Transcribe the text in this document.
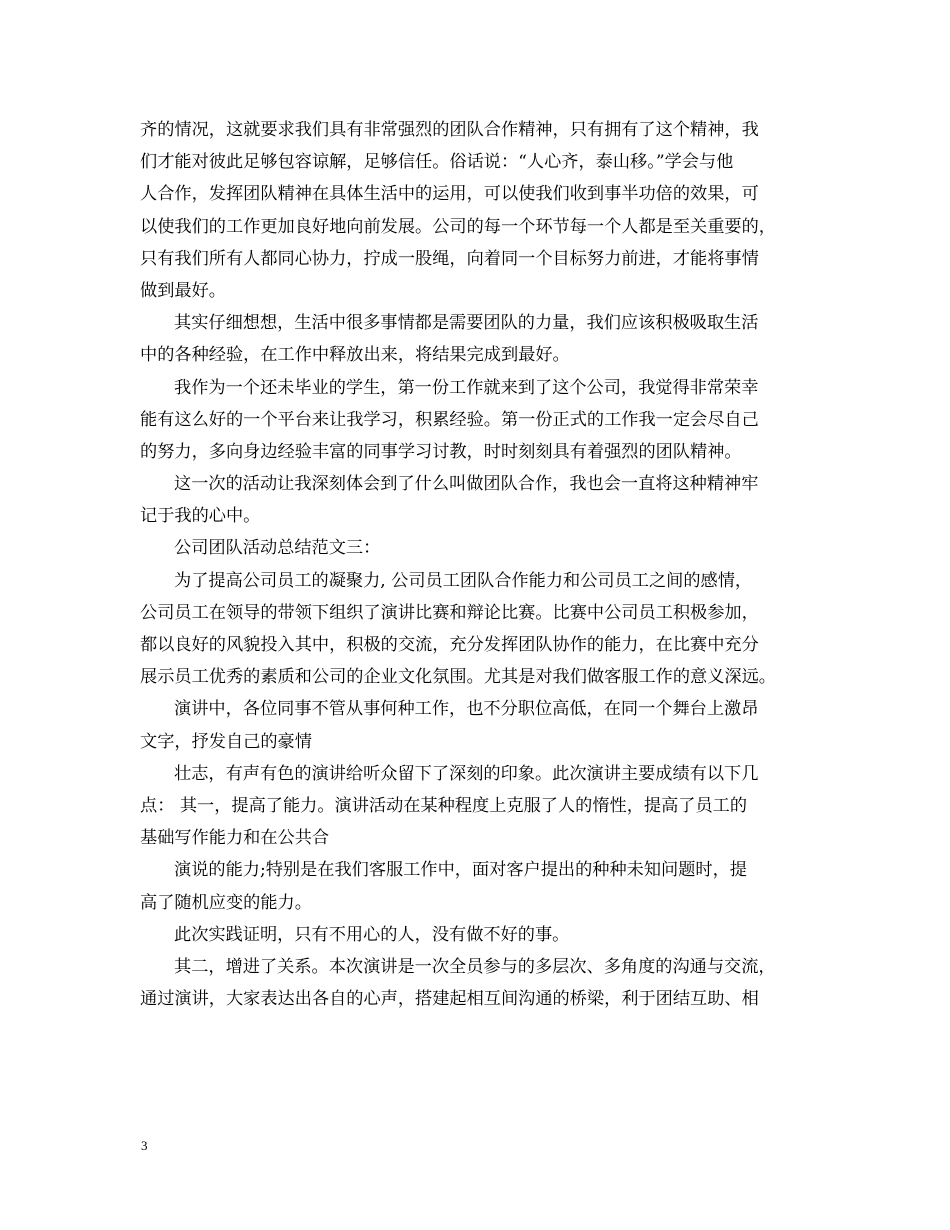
齐的情况，这就要求我们具有非常强烈的团队合作精神，只有拥有了这个精神，我
们才能对彼此足够包容谅解，足够信任。俗话说：“人心齐，泰山移。”学会与他
人合作，发挥团队精神在具体生活中的运用，可以使我们收到事半功倍的效果，可
以使我们的工作更加良好地向前发展。公司的每一个环节每一个人都是至关重要的，
只有我们所有人都同心协力，拧成一股绳，向着同一个目标努力前进，才能将事情
做到最好。
其实仔细想想，生活中很多事情都是需要团队的力量，我们应该积极吸取生活
中的各种经验，在工作中释放出来，将结果完成到最好。
我作为一个还未毕业的学生，第一份工作就来到了这个公司，我觉得非常荣幸
能有这么好的一个平台来让我学习，积累经验。第一份正式的工作我一定会尽自己
的努力，多向身边经验丰富的同事学习讨教，时时刻刻具有着强烈的团队精神。
这一次的活动让我深刻体会到了什么叫做团队合作，我也会一直将这种精神牢
记于我的心中。
公司团队活动总结范文三：
为了提高公司员工的凝聚力, 公司员工团队合作能力和公司员工之间的感情，
公司员工在领导的带领下组织了演讲比赛和辩论比赛。比赛中公司员工积极参加，
都以良好的风貌投入其中，积极的交流，充分发挥团队协作的能力，在比赛中充分
展示员工优秀的素质和公司的企业文化氛围。尤其是对我们做客服工作的意义深远。
演讲中，各位同事不管从事何种工作，也不分职位高低，在同一个舞台上激昂
文字，抒发自己的豪情
壮志，有声有色的演讲给听众留下了深刻的印象。此次演讲主要成绩有以下几
点： 其一，提高了能力。演讲活动在某种程度上克服了人的惰性，提高了员工的
基础写作能力和在公共合
演说的能力;特别是在我们客服工作中，面对客户提出的种种未知问题时，提
高了随机应变的能力。
此次实践证明，只有不用心的人，没有做不好的事。
其二，增进了关系。本次演讲是一次全员参与的多层次、多角度的沟通与交流，
通过演讲，大家表达出各自的心声，搭建起相互间沟通的桥梁，利于团结互助、相
3
